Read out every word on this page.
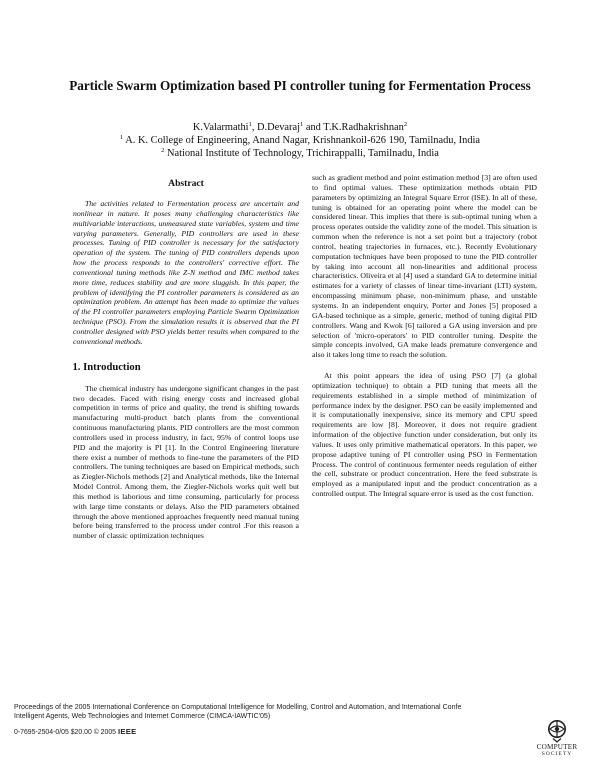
Particle Swarm Optimization based PI controller tuning for Fermentation Process
K.Valarmathi$^1$, D.Devaraj$^1$ and T.K.Radhakrishnan$^2$
$^1$ A. K. College of Engineering, Anand Nagar, Krishnankoil-626 190, Tamilnadu, India
$^2$ National Institute of Technology, Trichirappalli, Tamilnadu, India
Abstract

The activities related to Fermentation process are uncertain and nonlinear in nature. It poses many challenging characteristics like multivariable interactions, unmeasured state variables, system and time varying parameters. Generally, PID controllers are used in these processes. Tuning of PID controller is necessary for the satisfactory operation of the system. The tuning of PID controllers depends upon how the process responds to the controllers' corrective effort. The conventional tuning methods like Z-N method and IMC method takes more time, reduces stability and are more sluggish. In this paper, the problem of identifying the PI controller parameters is considered as an optimization problem. An attempt has been made to optimize the values of the PI controller parameters employing Particle Swarm Optimization technique (PSO). From the simulation results it is observed that the PI controller designed with PSO yields better results when compared to the conventional methods.

1. Introduction

The chemical industry has undergone significant changes in the past two decades. Faced with rising energy costs and increased global competition in terms of price and quality, the trend is shifting towards manufacturing multi-product batch plants from the conventional continuous manufacturing plants. PID controllers are the most common controllers used in process industry, in fact, 95% of control loops use PID and the majority is PI [1]. In the Control Engineering literature there exist a number of methods to fine-tune the parameters of the PID controllers. The tuning techniques are based on Empirical methods, such as Ziegler-Nichols methods [2] and Analytical methods, like the Internal Model Control. Among them, the Ziegler-Nichols works quit well but this method is laborious and time consuming, particularly for process with large time constants or delays. Also the PID parameters obtained through the above mentioned approaches frequently need manual tuning before being transferred to the process under control .For this reason a number of classic optimization techniques

such as gradient method and point estimation method [3] are often used to find optimal values. These optimization methods obtain PID parameters by optimizing an Integral Square Error (ISE). In all of these, tuning is obtained for an operating point where the model can be considered linear. This implies that there is sub-optimal tuning when a process operates outside the validity zone of the model. This situation is common when the reference is not a set point but a trajectory (robot control, heating trajectories in furnaces, etc.). Recently Evolutionary computation techniques have been proposed to tune the PID controller by taking into account all non-linearities and additional process characteristics. Oliveira et al [4] used a standard GA to determine initial estimates for a variety of classes of linear time-invariant (LTI) system, encompassing minimum phase, non-minimum phase, and unstable systems. In an independent enquiry, Porter and Jones [5] proposed a GA-based technique as a simple, generic, method of tuning digital PID controllers. Wang and Kwok [6] tailored a GA using inversion and pre selection of 'micro-operators' to PID controller tuning. Despite the simple concepts involved, GA make leads premature convergence and also it takes long time to reach the solution.

At this point appears the idea of using PSO [7] (a global optimization technique) to obtain a PID tuning that meets all the requirements established in a simple method of minimization of performance index by the designer. PSO can be easily implemented and it is computationally inexpensive, since its memory and CPU speed requirements are low [8]. Moreover, it does not require gradient information of the objective function under consideration, but only its values. It uses only primitive mathematical operators. In this paper, we propose adaptive tuning of PI controller using PSO in Fermentation Process. The control of continuous fermenter needs regulation of either the cell, substrate or product concentration. Here the feed substrate is employed as a manipulated input and the product concentration as a controlled output. The Integral square error is used as the cost function.

Proceedings of the 2005 International Conference on Computational Intelligence for Modelling, Control and Automation, and International Confe
Intelligent Agents, Web Technologies and Internet Commerce (CIMCA-IAWTIC'05)
0-7695-2504-0/05 $20.00 © 2005 IEEE
COMPUTER
SOCIETY
